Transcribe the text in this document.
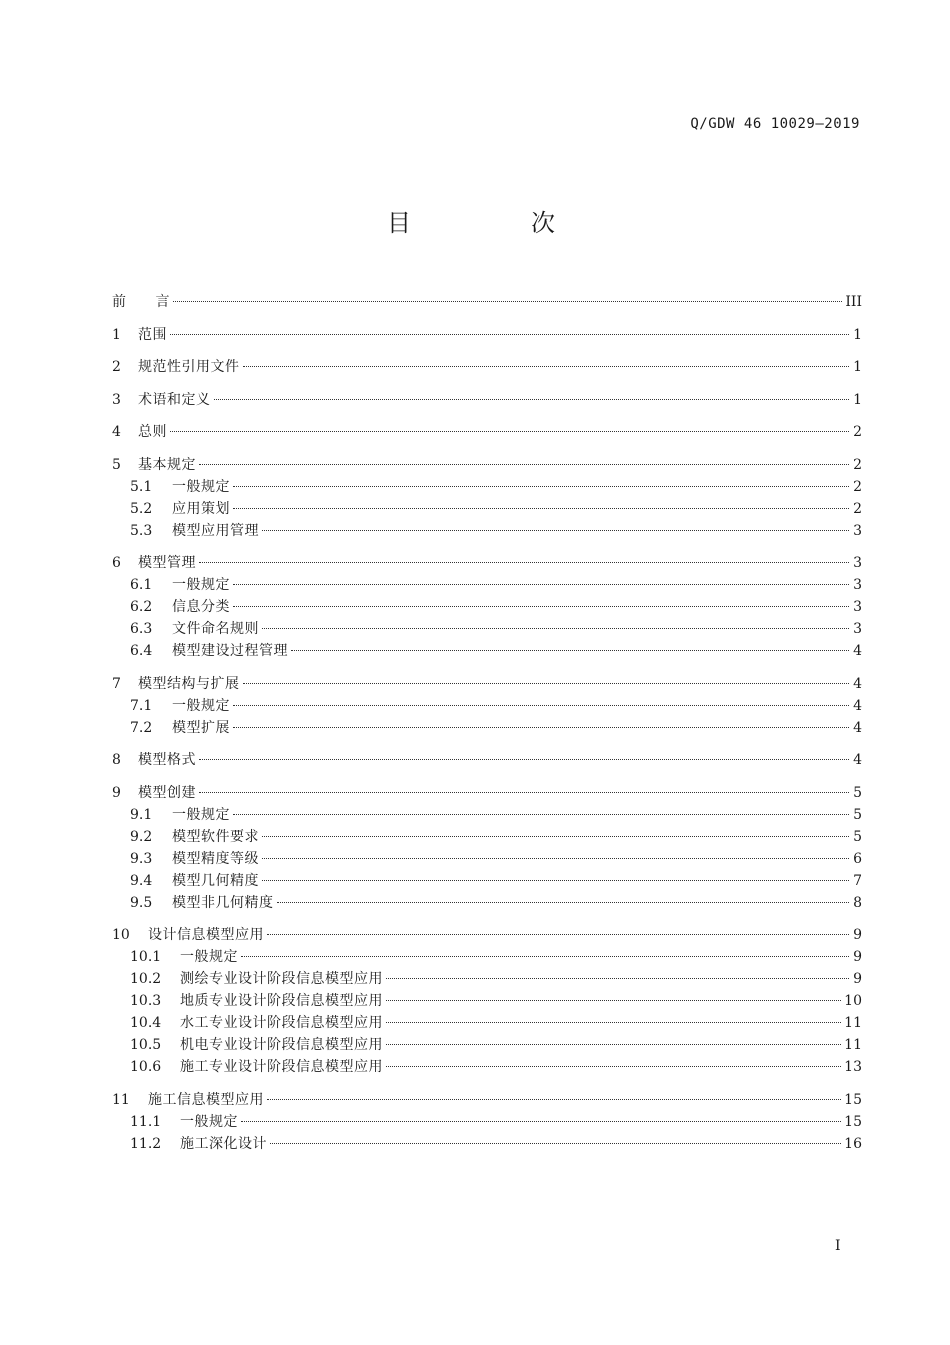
Q/GDW 46 10029—2019
目　次
前　　言	III
1	范围	1
2	规范性引用文件	1
3	术语和定义	1
4	总则	2
5	基本规定	2
5.1	一般规定	2
5.2	应用策划	2
5.3	模型应用管理	3
6	模型管理	3
6.1	一般规定	3
6.2	信息分类	3
6.3	文件命名规则	3
6.4	模型建设过程管理	4
7	模型结构与扩展	4
7.1	一般规定	4
7.2	模型扩展	4
8	模型格式	4
9	模型创建	5
9.1	一般规定	5
9.2	模型软件要求	5
9.3	模型精度等级	6
9.4	模型几何精度	7
9.5	模型非几何精度	8
10	设计信息模型应用	9
10.1	一般规定	9
10.2	测绘专业设计阶段信息模型应用	9
10.3	地质专业设计阶段信息模型应用	10
10.4	水工专业设计阶段信息模型应用	11
10.5	机电专业设计阶段信息模型应用	11
10.6	施工专业设计阶段信息模型应用	13
11	施工信息模型应用	15
11.1	一般规定	15
11.2	施工深化设计	16
I
